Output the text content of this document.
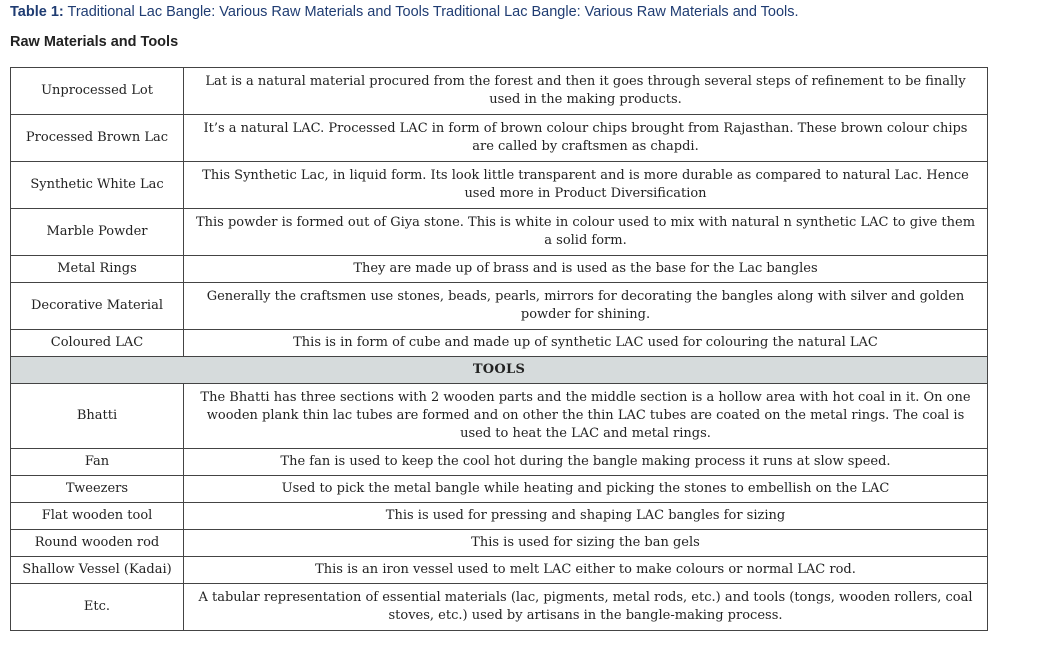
Table 1: Traditional Lac Bangle: Various Raw Materials and Tools Traditional Lac Bangle: Various Raw Materials and Tools.
Raw Materials and Tools
Unprocessed Lot	Lat is a natural material procured from the forest and then it goes through several steps of refinement to be finally used in the making products.
Processed Brown Lac	It’s a natural LAC. Processed LAC in form of brown colour chips brought from Rajasthan. These brown colour chips are called by craftsmen as chapdi.
Synthetic White Lac	This Synthetic Lac, in liquid form. Its look little transparent and is more durable as compared to natural Lac. Hence used more in Product Diversification
Marble Powder	This powder is formed out of Giya stone. This is white in colour used to mix with natural n synthetic LAC to give them a solid form.
Metal Rings	They are made up of brass and is used as the base for the Lac bangles
Decorative Material	Generally the craftsmen use stones, beads, pearls, mirrors for decorating the bangles along with silver and golden powder for shining.
Coloured LAC	This is in form of cube and made up of synthetic LAC used for colouring the natural LAC
TOOLS	
Bhatti	The Bhatti has three sections with 2 wooden parts and the middle section is a hollow area with hot coal in it. On one wooden plank thin lac tubes are formed and on other the thin LAC tubes are coated on the metal rings. The coal is used to heat the LAC and metal rings.
Fan	The fan is used to keep the cool hot during the bangle making process it runs at slow speed.
Tweezers	Used to pick the metal bangle while heating and picking the stones to embellish on the LAC
Flat wooden tool	This is used for pressing and shaping LAC bangles for sizing
Round wooden rod	This is used for sizing the ban gels
Shallow Vessel (Kadai)	This is an iron vessel used to melt LAC either to make colours or normal LAC rod.
Etc.	A tabular representation of essential materials (lac, pigments, metal rods, etc.) and tools (tongs, wooden rollers, coal stoves, etc.) used by artisans in the bangle-making process.
